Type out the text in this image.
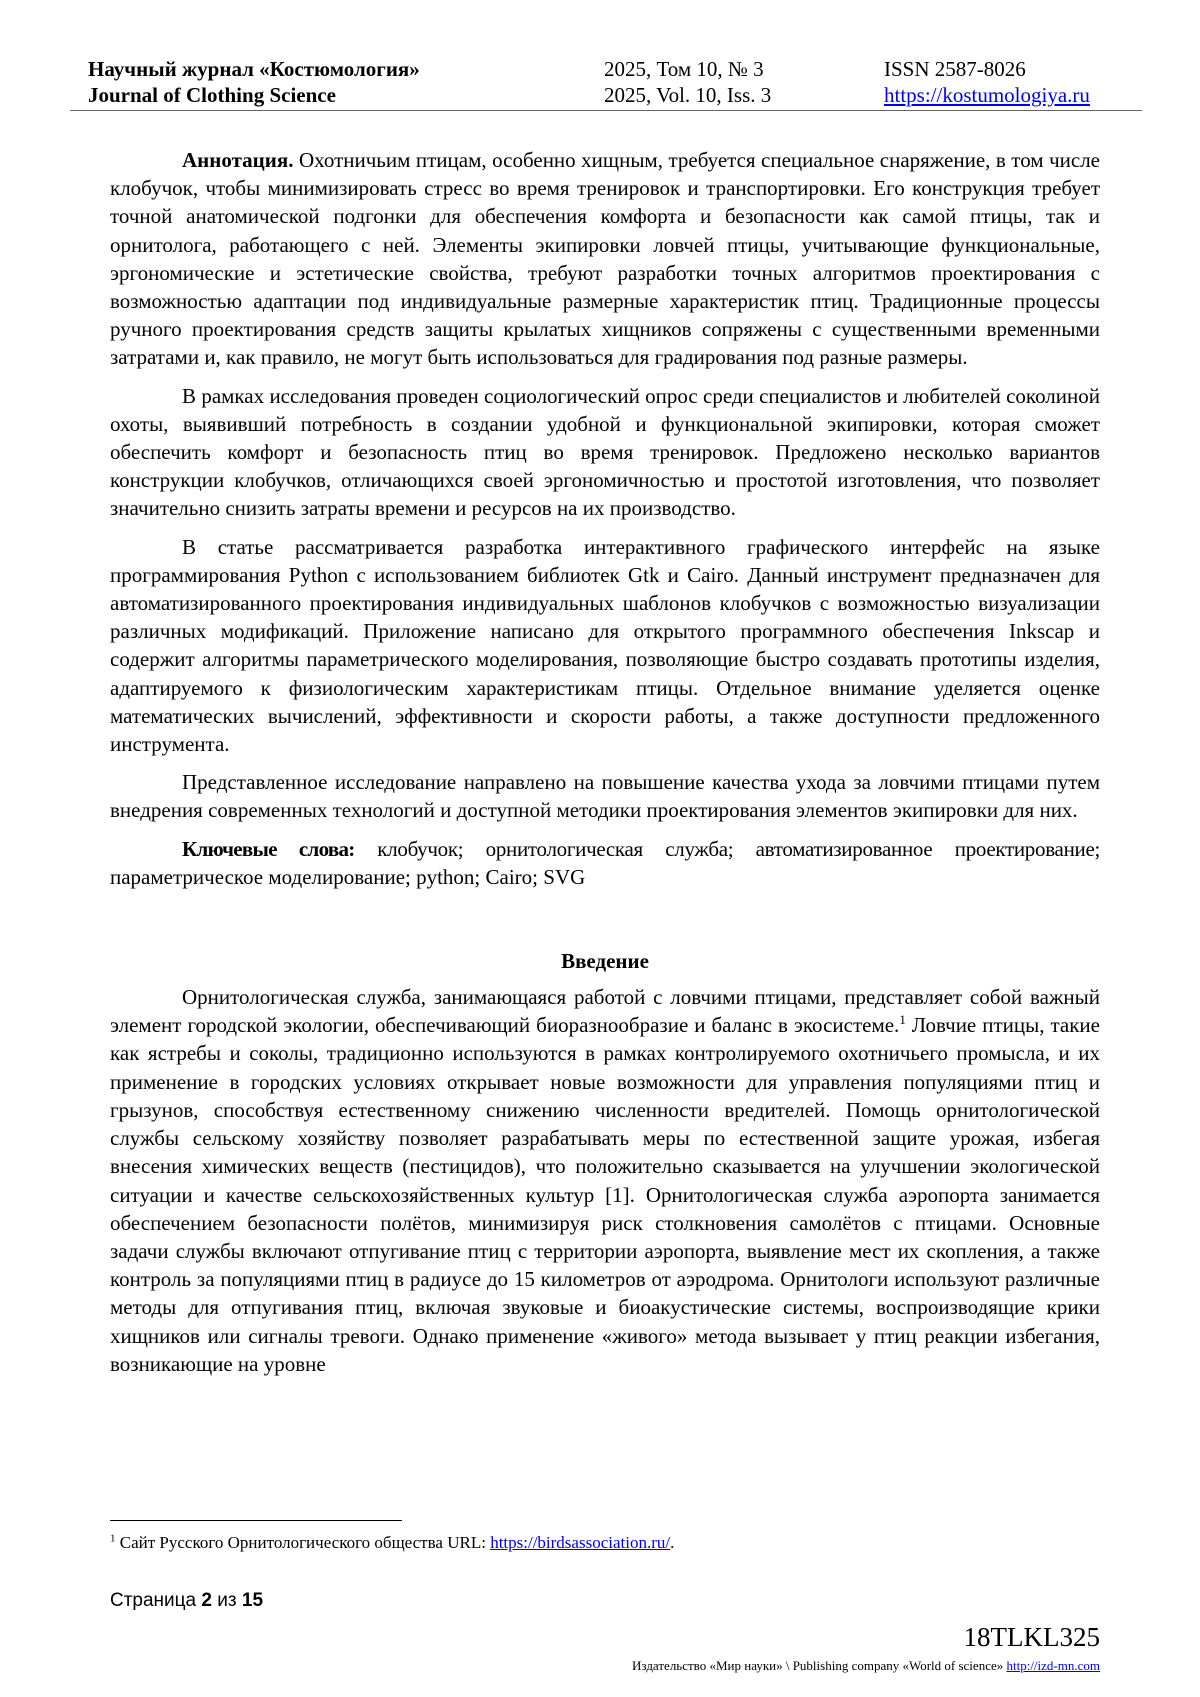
Научный журнал «Костюмология»
Journal of Clothing Science
2025, Том 10, № 3
2025, Vol. 10, Iss. 3
ISSN 2587-8026
https://kostumologiya.ru

Аннотация. Охотничьим птицам, особенно хищным, требуется специальное снаряжение, в том числе клобучок, чтобы минимизировать стресс во время тренировок и транспортировки. Его конструкция требует точной анатомической подгонки для обеспечения комфорта и безопасности как самой птицы, так и орнитолога, работающего с ней. Элементы экипировки ловчей птицы, учитывающие функциональные, эргономические и эстетические свойства, требуют разработки точных алгоритмов проектирования с возможностью адаптации под индивидуальные размерные характеристик птиц. Традиционные процессы ручного проектирования средств защиты крылатых хищников сопряжены с существенными временными затратами и, как правило, не могут быть использоваться для градирования под разные размеры.

В рамках исследования проведен социологический опрос среди специалистов и любителей соколиной охоты, выявивший потребность в создании удобной и функциональной экипировки, которая сможет обеспечить комфорт и безопасность птиц во время тренировок. Предложено несколько вариантов конструкции клобучков, отличающихся своей эргономичностью и простотой изготовления, что позволяет значительно снизить затраты времени и ресурсов на их производство.

В статье рассматривается разработка интерактивного графического интерфейс на языке программирования Python с использованием библиотек Gtk и Cairo. Данный инструмент предназначен для автоматизированного проектирования индивидуальных шаблонов клобучков с возможностью визуализации различных модификаций. Приложение написано для открытого программного обеспечения Inkscap и содержит алгоритмы параметрического моделирования, позволяющие быстро создавать прототипы изделия, адаптируемого к физиологическим характеристикам птицы. Отдельное внимание уделяется оценке математических вычислений, эффективности и скорости работы, а также доступности предложенного инструмента.

Представленное исследование направлено на повышение качества ухода за ловчими птицами путем внедрения современных технологий и доступной методики проектирования элементов экипировки для них.

Ключевые слова: клобучок; орнитологическая служба; автоматизированное проектирование; параметрическое моделирование; python; Cairo; SVG

Введение

Орнитологическая служба, занимающаяся работой с ловчими птицами, представляет собой важный элемент городской экологии, обеспечивающий биоразнообразие и баланс в экосистеме.$^1$ Ловчие птицы, такие как ястребы и соколы, традиционно используются в рамках контролируемого охотничьего промысла, и их применение в городских условиях открывает новые возможности для управления популяциями птиц и грызунов, способствуя естественному снижению численности вредителей. Помощь орнитологической службы сельскому хозяйству позволяет разрабатывать меры по естественной защите урожая, избегая внесения химических веществ (пестицидов), что положительно сказывается на улучшении экологической ситуации и качестве сельскохозяйственных культур [1]. Орнитологическая служба аэропорта занимается обеспечением безопасности полётов, минимизируя риск столкновения самолётов с птицами. Основные задачи службы включают отпугивание птиц с территории аэропорта, выявление мест их скопления, а также контроль за популяциями птиц в радиусе до 15 километров от аэродрома. Орнитологи используют различные методы для отпугивания птиц, включая звуковые и биоакустические системы, воспроизводящие крики хищников или сигналы тревоги. Однако применение «живого» метода вызывает у птиц реакции избегания, возникающие на уровне

$^1$ Сайт Русского Орнитологического общества URL: https://birdsassociation.ru/.
Страница 2 из 15
18TLKL325
Издательство «Мир науки» \ Publishing company «World of science» http://izd-mn.com
